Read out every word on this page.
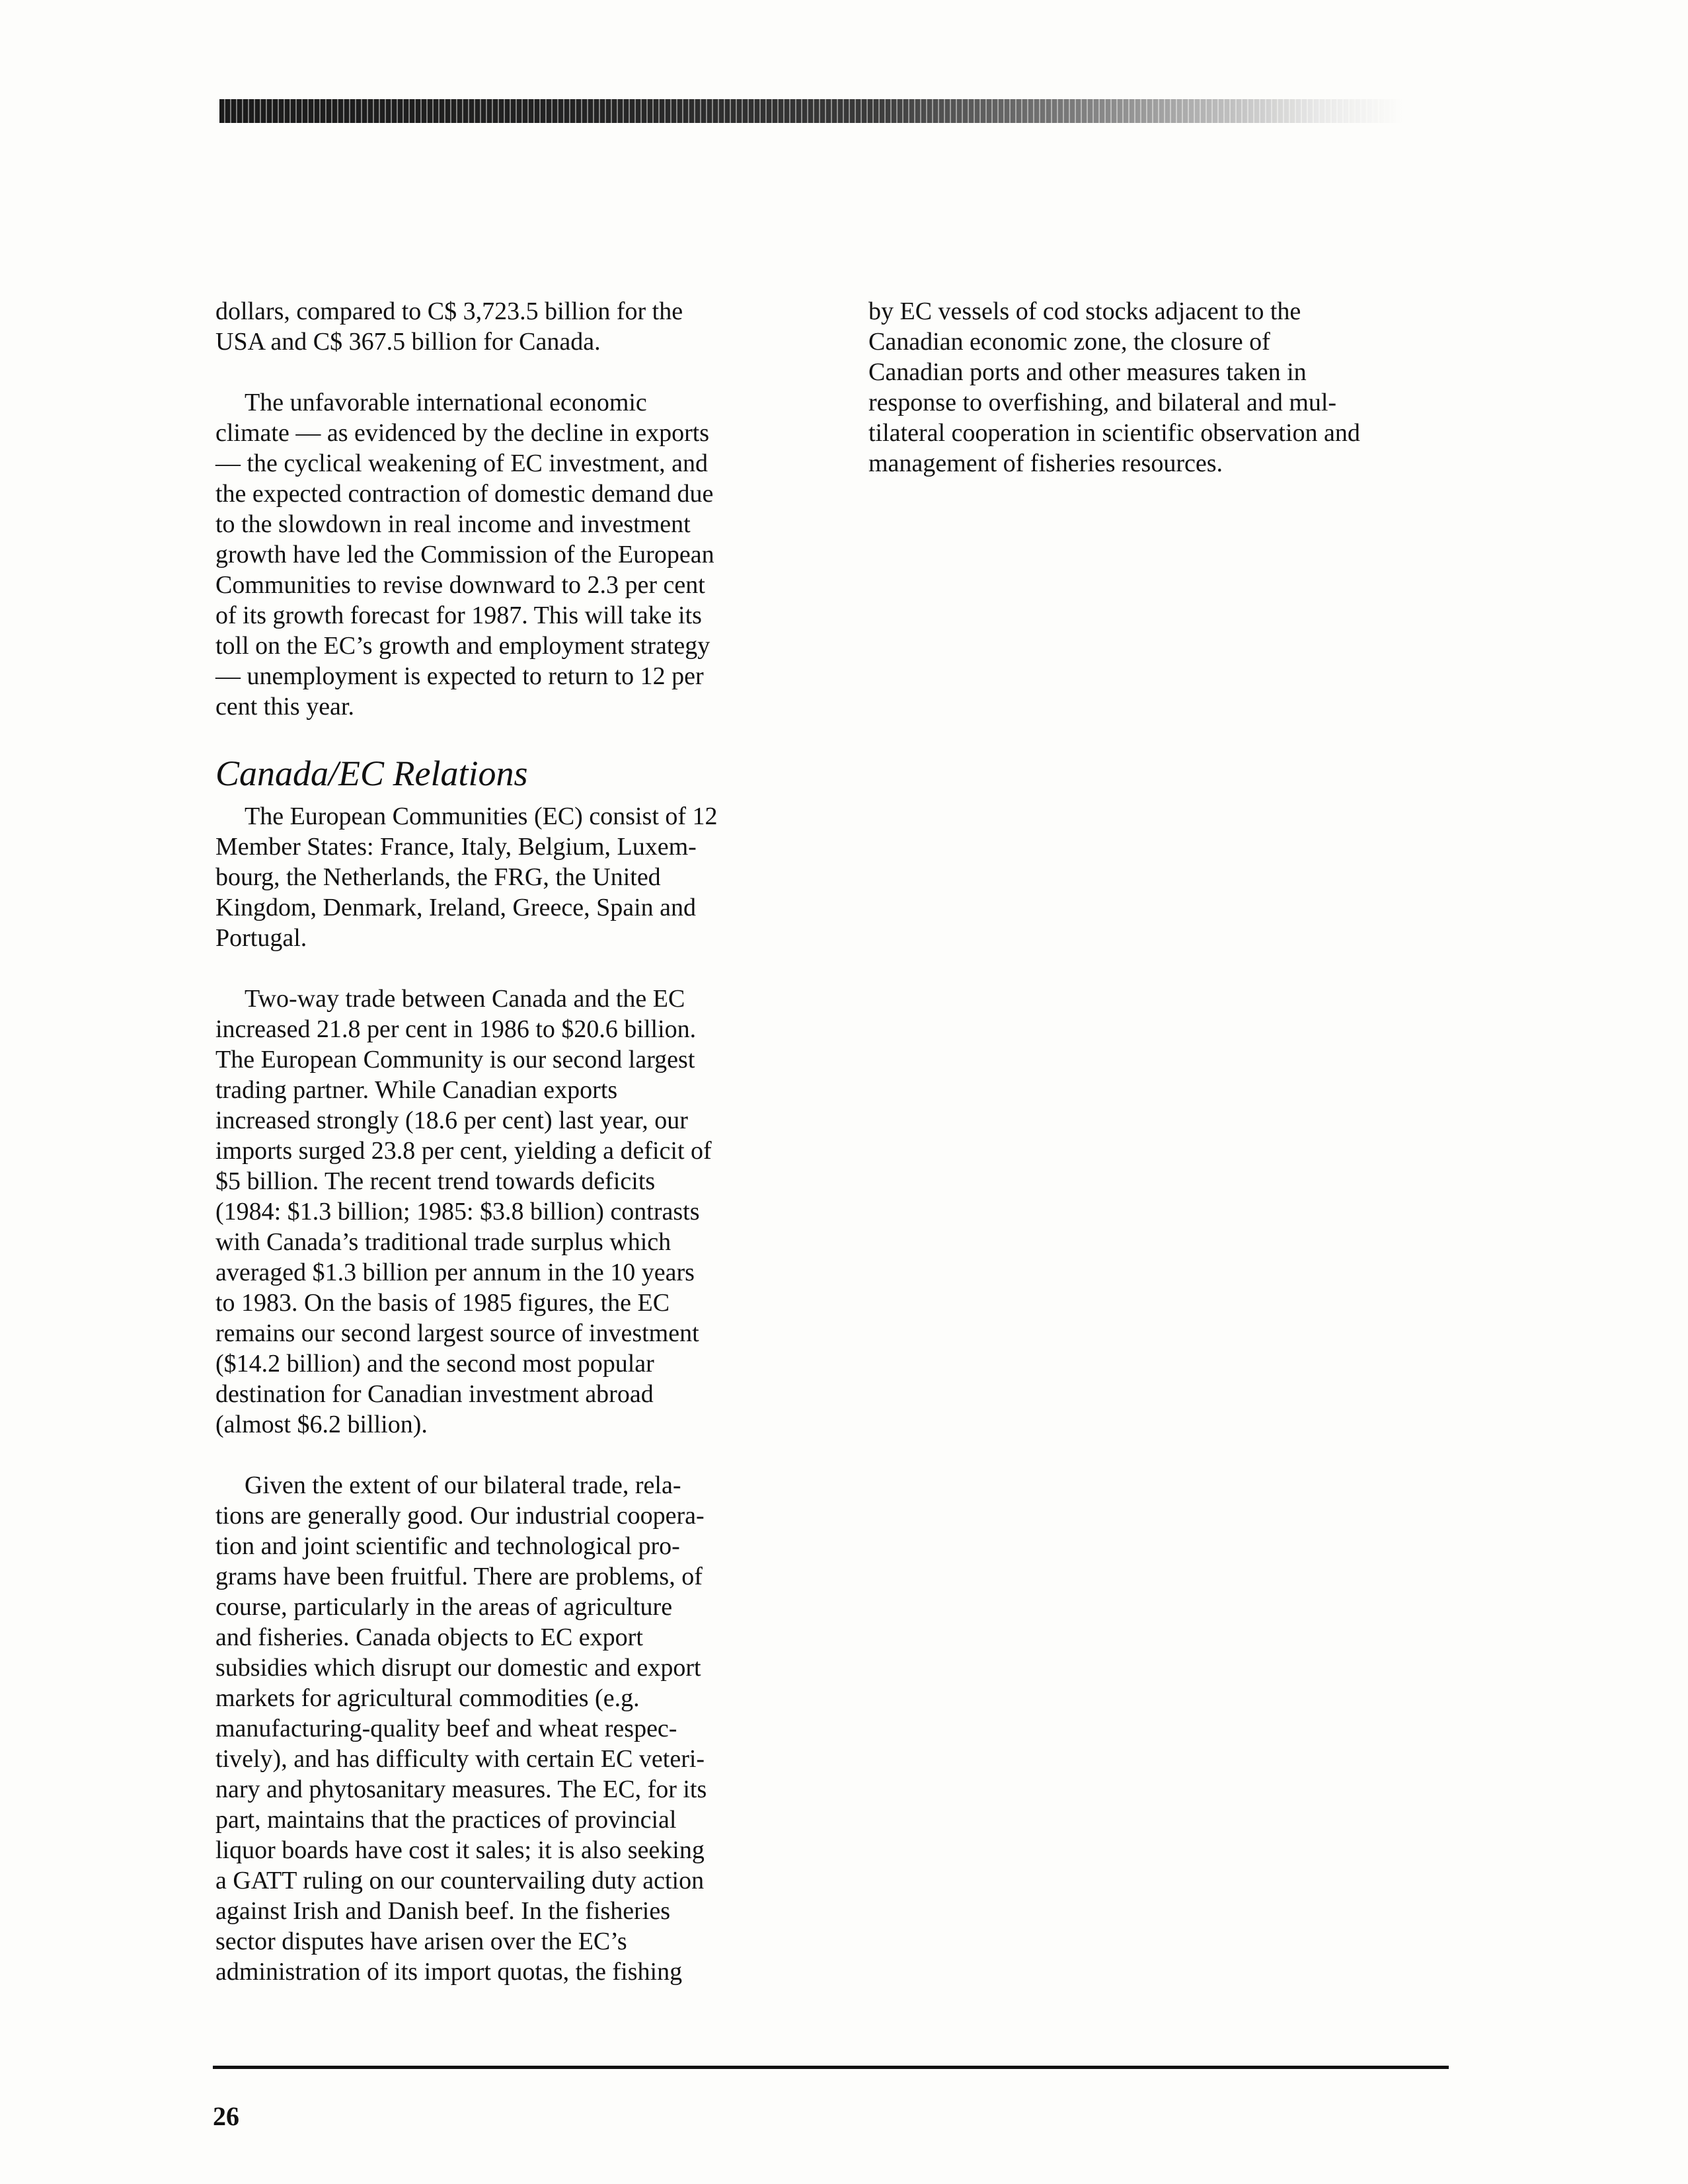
dollars, compared to C$ 3,723.5 billion for the
USA and C$ 367.5 billion for Canada.
The unfavorable international economic
climate — as evidenced by the decline in exports
— the cyclical weakening of EC investment, and
the expected contraction of domestic demand due
to the slowdown in real income and investment
growth have led the Commission of the European
Communities to revise downward to 2.3 per cent
of its growth forecast for 1987. This will take its
toll on the EC’s growth and employment strategy
— unemployment is expected to return to 12 per
cent this year.
Canada/EC Relations
The European Communities (EC) consist of 12
Member States: France, Italy, Belgium, Luxem-
bourg, the Netherlands, the FRG, the United
Kingdom, Denmark, Ireland, Greece, Spain and
Portugal.
Two-way trade between Canada and the EC
increased 21.8 per cent in 1986 to $20.6 billion.
The European Community is our second largest
trading partner. While Canadian exports
increased strongly (18.6 per cent) last year, our
imports surged 23.8 per cent, yielding a deficit of
$5 billion. The recent trend towards deficits
(1984: $1.3 billion; 1985: $3.8 billion) contrasts
with Canada’s traditional trade surplus which
averaged $1.3 billion per annum in the 10 years
to 1983. On the basis of 1985 figures, the EC
remains our second largest source of investment
($14.2 billion) and the second most popular
destination for Canadian investment abroad
(almost $6.2 billion).
Given the extent of our bilateral trade, rela-
tions are generally good. Our industrial coopera-
tion and joint scientific and technological pro-
grams have been fruitful. There are problems, of
course, particularly in the areas of agriculture
and fisheries. Canada objects to EC export
subsidies which disrupt our domestic and export
markets for agricultural commodities (e.g.
manufacturing-quality beef and wheat respec-
tively), and has difficulty with certain EC veteri-
nary and phytosanitary measures. The EC, for its
part, maintains that the practices of provincial
liquor boards have cost it sales; it is also seeking
a GATT ruling on our countervailing duty action
against Irish and Danish beef. In the fisheries
sector disputes have arisen over the EC’s
administration of its import quotas, the fishing
by EC vessels of cod stocks adjacent to the
Canadian economic zone, the closure of
Canadian ports and other measures taken in
response to overfishing, and bilateral and mul-
tilateral cooperation in scientific observation and
management of fisheries resources.
26
